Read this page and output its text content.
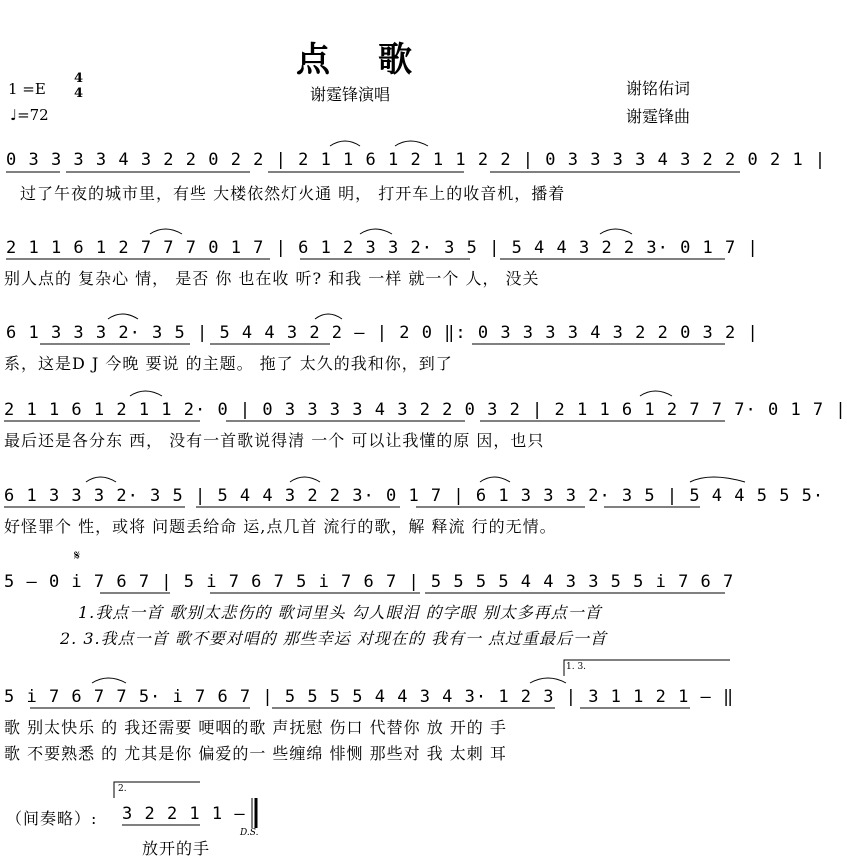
点歌
1 =E
4
4
♩=72
谢霆锋演唱	谢铭佑词
谢霆锋曲
0 3 3 3 3 4 3 2 2 0 2 2 | 2 1 1 6 1 2 1 1 2 2 | 0 3 3 3 3 4 3 2 2 0 2 1 |
过了午夜的城市里，有些 大楼依然灯火通 明， 打开车上的收音机，播着
2 1 1 6 1 2 7 7 7 0 1 7 | 6 1 2 3 3 2· 3 5 | 5 4 4 3 2 2 3· 0 1 7 |
别人点的 复杂心 情， 是否 你 也在收 听? 和我 一样 就一个 人， 没关
6 1 3 3 3 2· 3 5 | 5 4 4 3 2 2 — | 2 0 ‖: 0 3 3 3 3 4 3 2 2 0 3 2 |
系，这是D J 今晚 要说 的主题。 拖了 太久的我和你，到了
2 1 1 6 1 2 1 1 2· 0 | 0 3 3 3 3 4 3 2 2 0 3 2 | 2 1 1 6 1 2 7 7 7· 0 1 7 |
最后还是各分东 西， 没有一首歌说得清 一个 可以让我懂的原 因，也只
6 1 3 3 3 2· 3 5 | 5 4 4 3 2 2 3· 0 1 7 | 6 1 3 3 3 2· 3 5 | 5 4 4 5 5 5·
好怪罪个 性，或将 问题丢给命 运,点几首 流行的歌，解 释流 行的无情。
𝄋
5 — 0 i 7 6 7 | 5 i 7 6 7 5 i 7 6 7 | 5 5 5 5 4 4 3 3 5 5 i 7 6 7
1.我点一首 歌别太悲伤的 歌词里头 勾人眼泪 的字眼 别太多再点一首
2. 3.我点一首 歌不要对唱的 那些幸运 对现在的 我有一 点过重最后一首
1. 3.
5 i 7 6 7 7 5· i 7 6 7 | 5 5 5 5 4 4 3 4 3· 1 2 3 | 3 1 1 2 1 — ‖
歌 别太快乐 的 我还需要 哽咽的歌 声抚慰 伤口 代替你 放 开的 手
歌 不要熟悉 的 尤其是你 偏爱的一 些缠绵 悱恻 那些对 我 太刺 耳
（间奏略）:
2.
3 2 2 1 1 —
D.S.
放开的手
